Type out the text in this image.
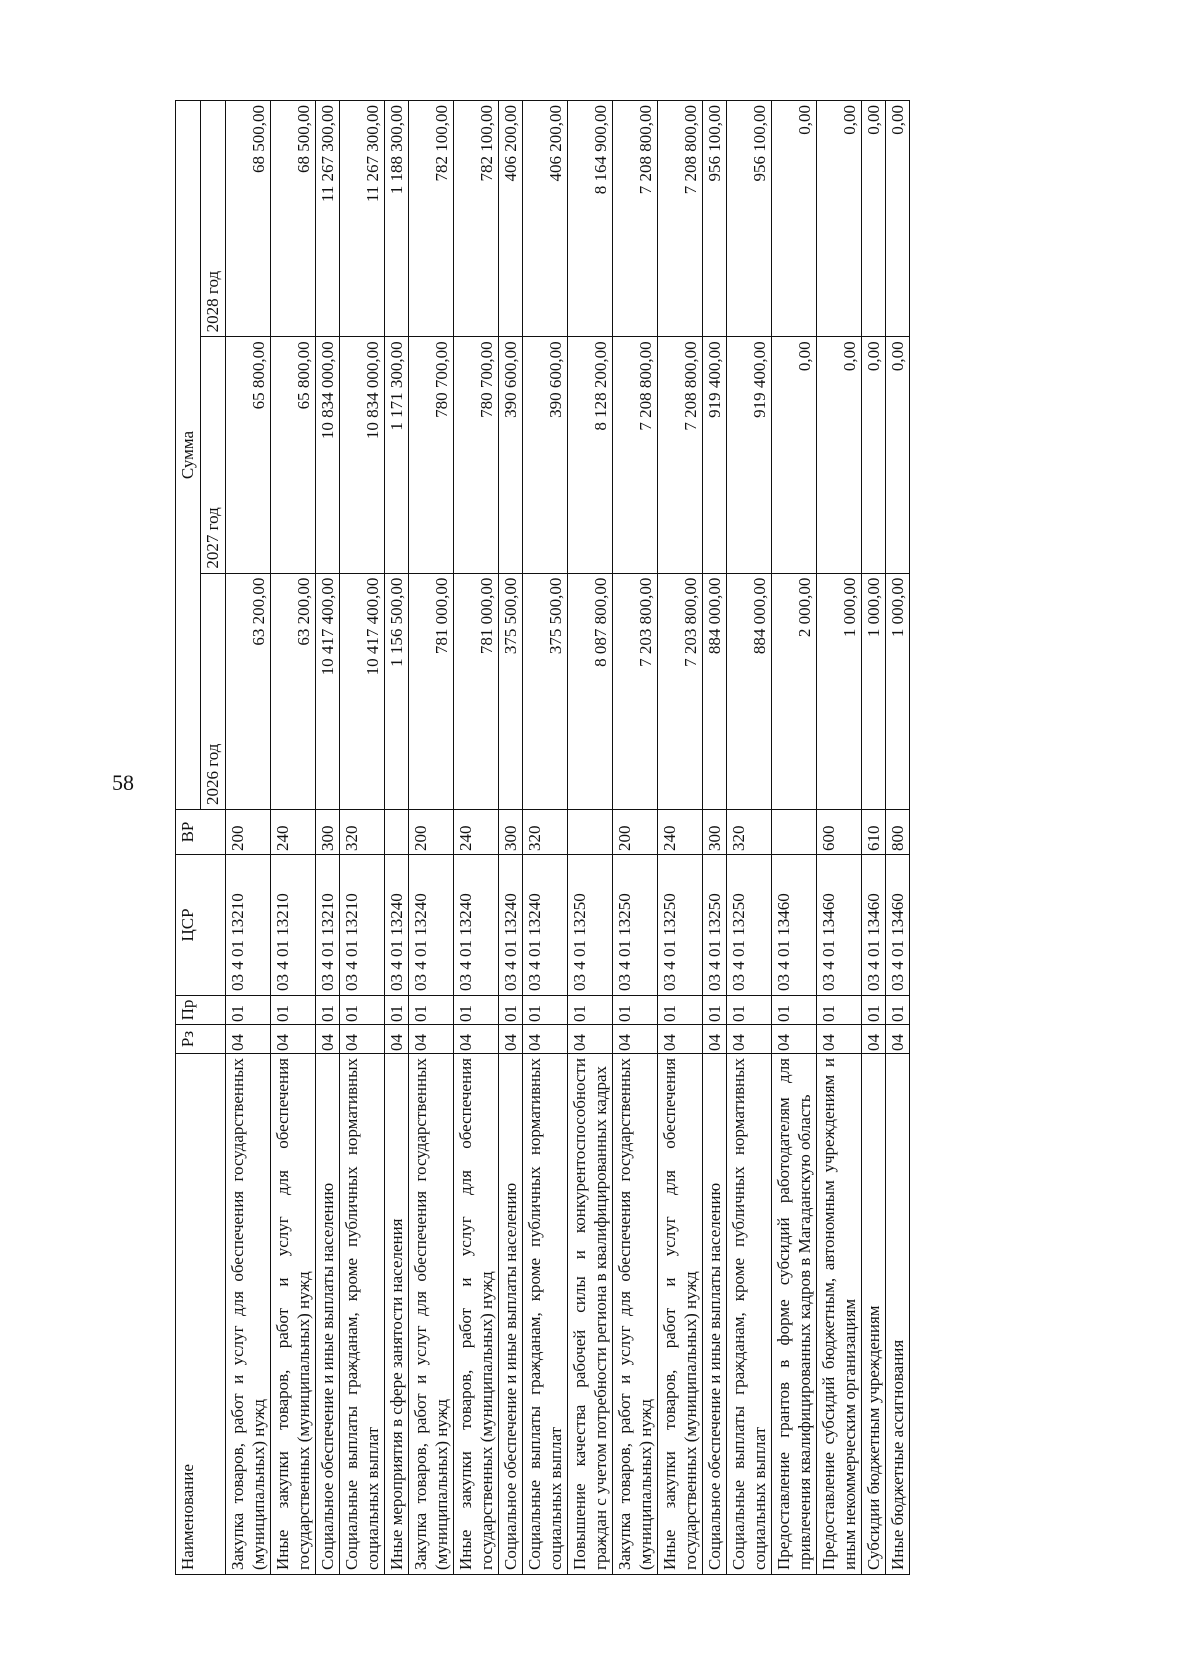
58
Наименование	Рз	Пр	ЦСР	ВР	Сумма		
					2026 год	2027 год	2028 год
Закупка товаров, работ и услуг для обеспечения государственных (муниципальных) нужд	04	01	03 4 01 13210	200	63 200,00	65 800,00	68 500,00
Иные закупки товаров, работ и услуг для обеспечения государственных (муниципальных) нужд	04	01	03 4 01 13210	240	63 200,00	65 800,00	68 500,00
Социальное обеспечение и иные выплаты населению	04	01	03 4 01 13210	300	10 417 400,00	10 834 000,00	11 267 300,00
Социальные выплаты гражданам, кроме публичных нормативных социальных выплат	04	01	03 4 01 13210	320	10 417 400,00	10 834 000,00	11 267 300,00
Иные мероприятия в сфере занятости населения	04	01	03 4 01 13240		1 156 500,00	1 171 300,00	1 188 300,00
Закупка товаров, работ и услуг для обеспечения государственных (муниципальных) нужд	04	01	03 4 01 13240	200	781 000,00	780 700,00	782 100,00
Иные закупки товаров, работ и услуг для обеспечения государственных (муниципальных) нужд	04	01	03 4 01 13240	240	781 000,00	780 700,00	782 100,00
Социальное обеспечение и иные выплаты населению	04	01	03 4 01 13240	300	375 500,00	390 600,00	406 200,00
Социальные выплаты гражданам, кроме публичных нормативных социальных выплат	04	01	03 4 01 13240	320	375 500,00	390 600,00	406 200,00
Повышение качества рабочей силы и конкурентоспособности граждан с учетом потребности региона в квалифицированных кадрах	04	01	03 4 01 13250		8 087 800,00	8 128 200,00	8 164 900,00
Закупка товаров, работ и услуг для обеспечения государственных (муниципальных) нужд	04	01	03 4 01 13250	200	7 203 800,00	7 208 800,00	7 208 800,00
Иные закупки товаров, работ и услуг для обеспечения государственных (муниципальных) нужд	04	01	03 4 01 13250	240	7 203 800,00	7 208 800,00	7 208 800,00
Социальное обеспечение и иные выплаты населению	04	01	03 4 01 13250	300	884 000,00	919 400,00	956 100,00
Социальные выплаты гражданам, кроме публичных нормативных социальных выплат	04	01	03 4 01 13250	320	884 000,00	919 400,00	956 100,00
Предоставление грантов в форме субсидий работодателям для привлечения квалифицированных кадров в Магаданскую область	04	01	03 4 01 13460		2 000,00	0,00	0,00
Предоставление субсидий бюджетным, автономным учреждениям и иным некоммерческим организациям	04	01	03 4 01 13460	600	1 000,00	0,00	0,00
Субсидии бюджетным учреждениям	04	01	03 4 01 13460	610	1 000,00	0,00	0,00
Иные бюджетные ассигнования	04	01	03 4 01 13460	800	1 000,00	0,00	0,00
